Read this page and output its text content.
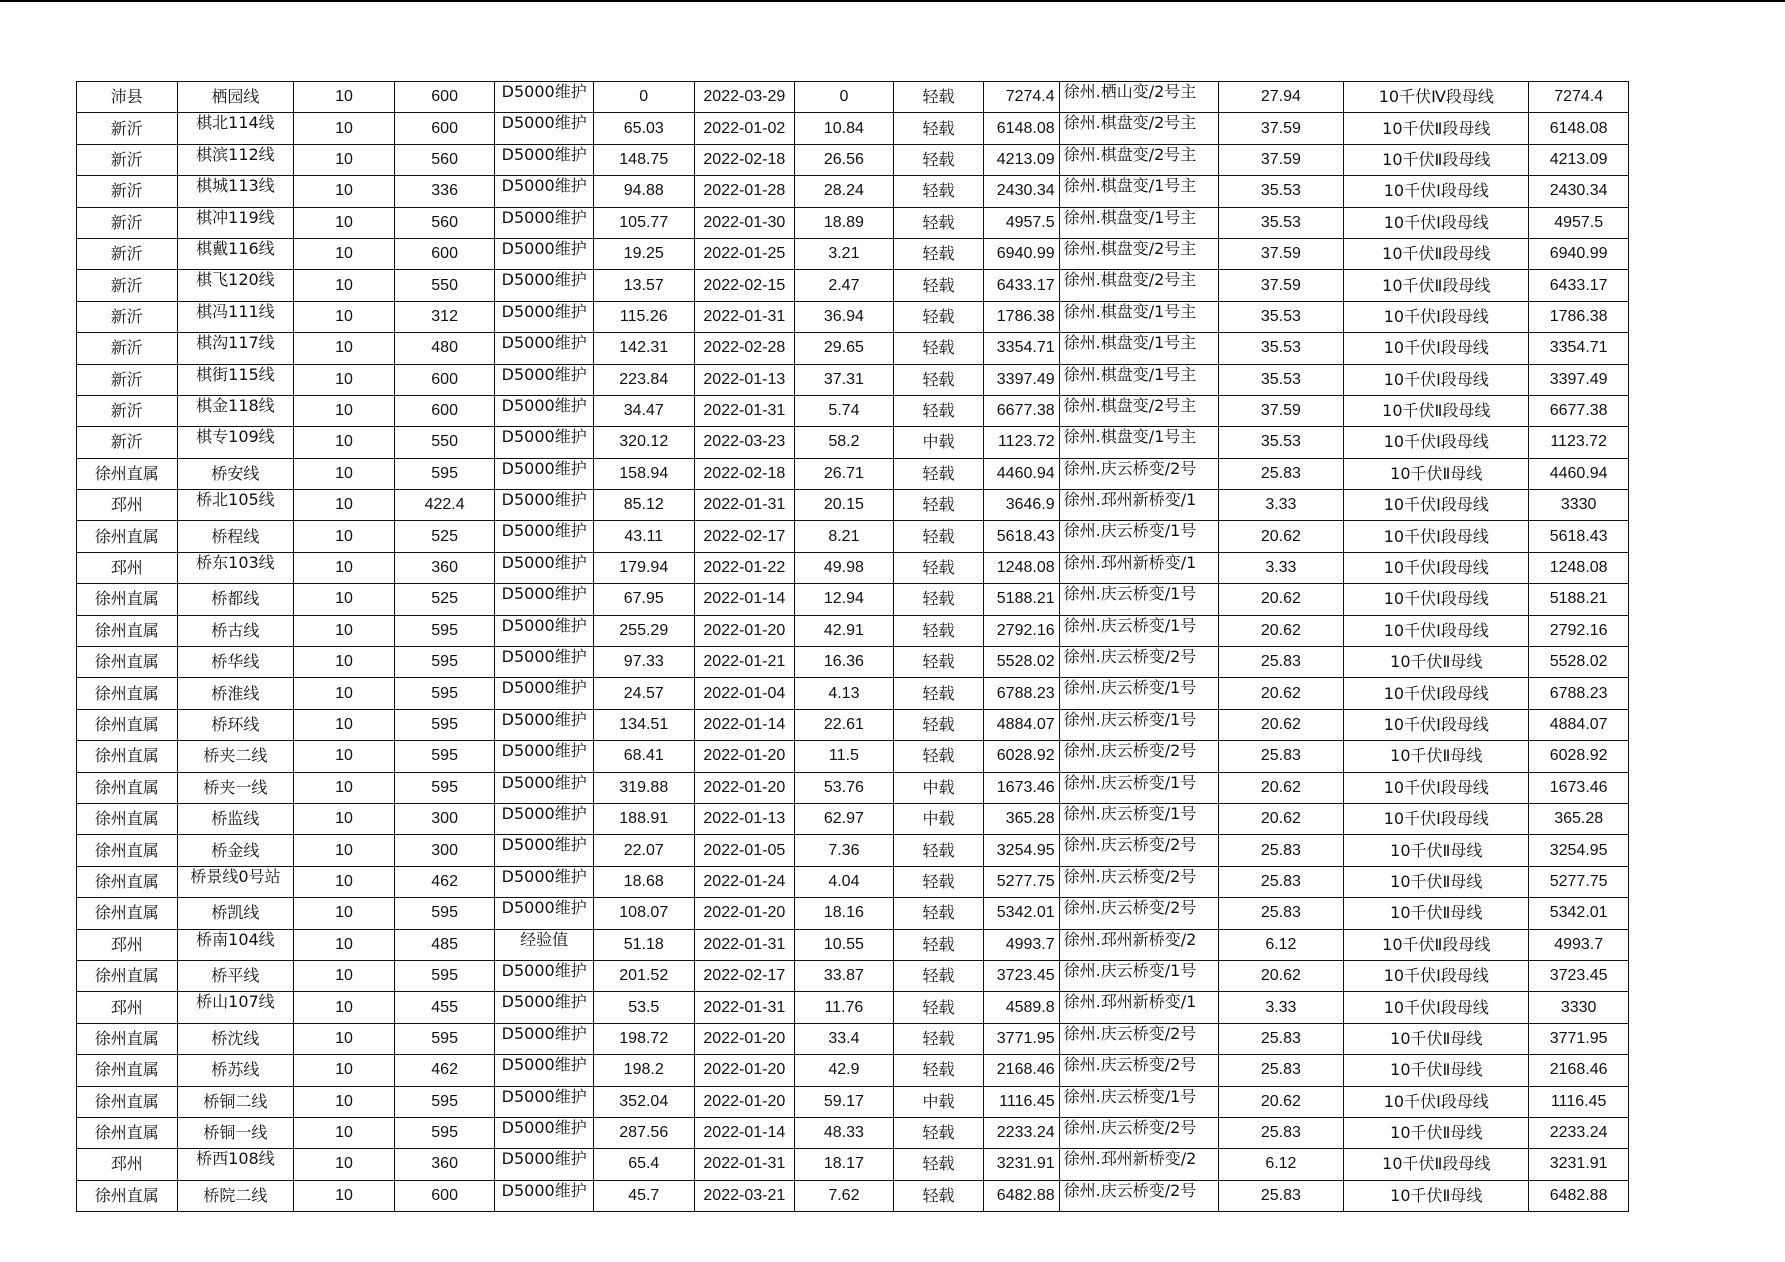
沛县	栖园线	10	600	D5000维护	0	2022-03-29	0	轻载	7274.4	徐州.栖山变/2号主	27.94	10千伏Ⅳ段母线	7274.4
新沂	棋北114线	10	600	D5000维护	65.03	2022-01-02	10.84	轻载	6148.08	徐州.棋盘变/2号主	37.59	10千伏Ⅱ段母线	6148.08
新沂	棋滨112线	10	560	D5000维护	148.75	2022-02-18	26.56	轻载	4213.09	徐州.棋盘变/2号主	37.59	10千伏Ⅱ段母线	4213.09
新沂	棋城113线	10	336	D5000维护	94.88	2022-01-28	28.24	轻载	2430.34	徐州.棋盘变/1号主	35.53	10千伏Ⅰ段母线	2430.34
新沂	棋冲119线	10	560	D5000维护	105.77	2022-01-30	18.89	轻载	4957.5	徐州.棋盘变/1号主	35.53	10千伏Ⅰ段母线	4957.5
新沂	棋戴116线	10	600	D5000维护	19.25	2022-01-25	3.21	轻载	6940.99	徐州.棋盘变/2号主	37.59	10千伏Ⅱ段母线	6940.99
新沂	棋飞120线	10	550	D5000维护	13.57	2022-02-15	2.47	轻载	6433.17	徐州.棋盘变/2号主	37.59	10千伏Ⅱ段母线	6433.17
新沂	棋冯111线	10	312	D5000维护	115.26	2022-01-31	36.94	轻载	1786.38	徐州.棋盘变/1号主	35.53	10千伏Ⅰ段母线	1786.38
新沂	棋沟117线	10	480	D5000维护	142.31	2022-02-28	29.65	轻载	3354.71	徐州.棋盘变/1号主	35.53	10千伏Ⅰ段母线	3354.71
新沂	棋街115线	10	600	D5000维护	223.84	2022-01-13	37.31	轻载	3397.49	徐州.棋盘变/1号主	35.53	10千伏Ⅰ段母线	3397.49
新沂	棋金118线	10	600	D5000维护	34.47	2022-01-31	5.74	轻载	6677.38	徐州.棋盘变/2号主	37.59	10千伏Ⅱ段母线	6677.38
新沂	棋专109线	10	550	D5000维护	320.12	2022-03-23	58.2	中载	1123.72	徐州.棋盘变/1号主	35.53	10千伏Ⅰ段母线	1123.72
徐州直属	桥安线	10	595	D5000维护	158.94	2022-02-18	26.71	轻载	4460.94	徐州.庆云桥变/2号	25.83	10千伏Ⅱ母线	4460.94
邳州	桥北105线	10	422.4	D5000维护	85.12	2022-01-31	20.15	轻载	3646.9	徐州.邳州新桥变/1	3.33	10千伏Ⅰ段母线	3330
徐州直属	桥程线	10	525	D5000维护	43.11	2022-02-17	8.21	轻载	5618.43	徐州.庆云桥变/1号	20.62	10千伏Ⅰ段母线	5618.43
邳州	桥东103线	10	360	D5000维护	179.94	2022-01-22	49.98	轻载	1248.08	徐州.邳州新桥变/1	3.33	10千伏Ⅰ段母线	1248.08
徐州直属	桥都线	10	525	D5000维护	67.95	2022-01-14	12.94	轻载	5188.21	徐州.庆云桥变/1号	20.62	10千伏Ⅰ段母线	5188.21
徐州直属	桥古线	10	595	D5000维护	255.29	2022-01-20	42.91	轻载	2792.16	徐州.庆云桥变/1号	20.62	10千伏Ⅰ段母线	2792.16
徐州直属	桥华线	10	595	D5000维护	97.33	2022-01-21	16.36	轻载	5528.02	徐州.庆云桥变/2号	25.83	10千伏Ⅱ母线	5528.02
徐州直属	桥淮线	10	595	D5000维护	24.57	2022-01-04	4.13	轻载	6788.23	徐州.庆云桥变/1号	20.62	10千伏Ⅰ段母线	6788.23
徐州直属	桥环线	10	595	D5000维护	134.51	2022-01-14	22.61	轻载	4884.07	徐州.庆云桥变/1号	20.62	10千伏Ⅰ段母线	4884.07
徐州直属	桥夹二线	10	595	D5000维护	68.41	2022-01-20	11.5	轻载	6028.92	徐州.庆云桥变/2号	25.83	10千伏Ⅱ母线	6028.92
徐州直属	桥夹一线	10	595	D5000维护	319.88	2022-01-20	53.76	中载	1673.46	徐州.庆云桥变/1号	20.62	10千伏Ⅰ段母线	1673.46
徐州直属	桥监线	10	300	D5000维护	188.91	2022-01-13	62.97	中载	365.28	徐州.庆云桥变/1号	20.62	10千伏Ⅰ段母线	365.28
徐州直属	桥金线	10	300	D5000维护	22.07	2022-01-05	7.36	轻载	3254.95	徐州.庆云桥变/2号	25.83	10千伏Ⅱ母线	3254.95
徐州直属	桥景线0号站	10	462	D5000维护	18.68	2022-01-24	4.04	轻载	5277.75	徐州.庆云桥变/2号	25.83	10千伏Ⅱ母线	5277.75
徐州直属	桥凯线	10	595	D5000维护	108.07	2022-01-20	18.16	轻载	5342.01	徐州.庆云桥变/2号	25.83	10千伏Ⅱ母线	5342.01
邳州	桥南104线	10	485	经验值	51.18	2022-01-31	10.55	轻载	4993.7	徐州.邳州新桥变/2	6.12	10千伏Ⅱ段母线	4993.7
徐州直属	桥平线	10	595	D5000维护	201.52	2022-02-17	33.87	轻载	3723.45	徐州.庆云桥变/1号	20.62	10千伏Ⅰ段母线	3723.45
邳州	桥山107线	10	455	D5000维护	53.5	2022-01-31	11.76	轻载	4589.8	徐州.邳州新桥变/1	3.33	10千伏Ⅰ段母线	3330
徐州直属	桥沈线	10	595	D5000维护	198.72	2022-01-20	33.4	轻载	3771.95	徐州.庆云桥变/2号	25.83	10千伏Ⅱ母线	3771.95
徐州直属	桥苏线	10	462	D5000维护	198.2	2022-01-20	42.9	轻载	2168.46	徐州.庆云桥变/2号	25.83	10千伏Ⅱ母线	2168.46
徐州直属	桥铜二线	10	595	D5000维护	352.04	2022-01-20	59.17	中载	1116.45	徐州.庆云桥变/1号	20.62	10千伏Ⅰ段母线	1116.45
徐州直属	桥铜一线	10	595	D5000维护	287.56	2022-01-14	48.33	轻载	2233.24	徐州.庆云桥变/2号	25.83	10千伏Ⅱ母线	2233.24
邳州	桥西108线	10	360	D5000维护	65.4	2022-01-31	18.17	轻载	3231.91	徐州.邳州新桥变/2	6.12	10千伏Ⅱ段母线	3231.91
徐州直属	桥院二线	10	600	D5000维护	45.7	2022-03-21	7.62	轻载	6482.88	徐州.庆云桥变/2号	25.83	10千伏Ⅱ母线	6482.88
